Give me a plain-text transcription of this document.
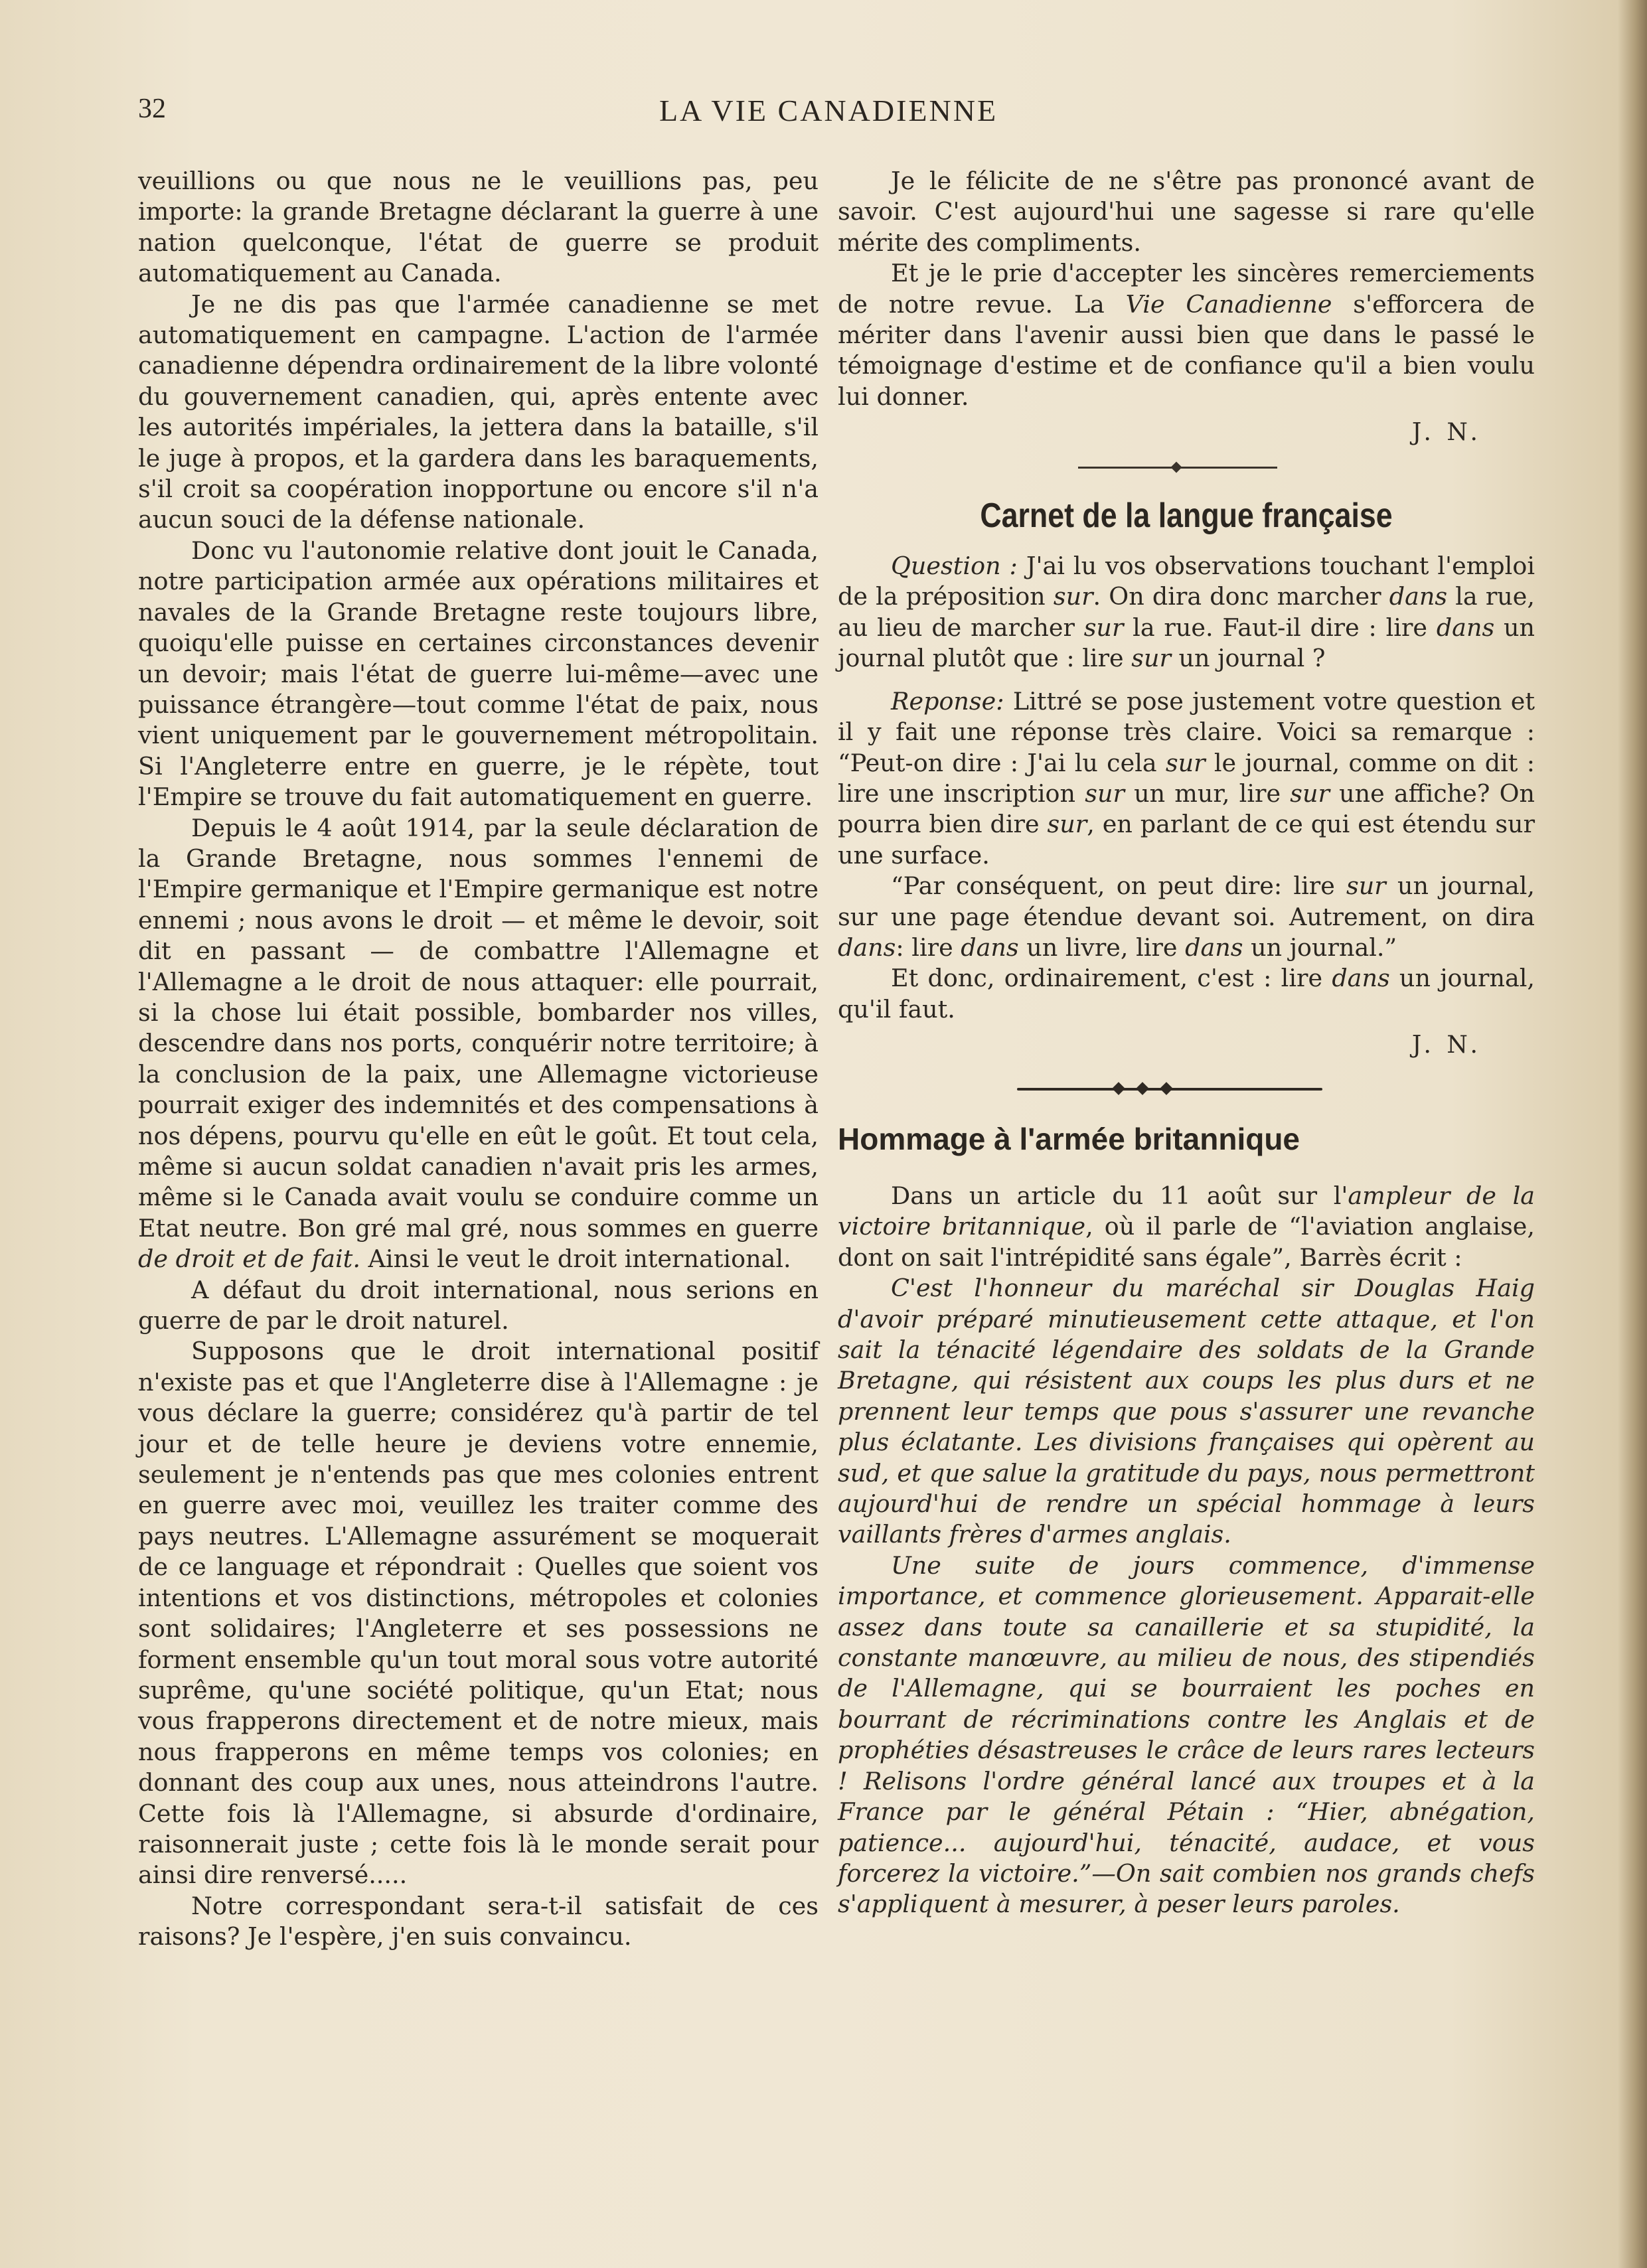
32	LA VIE CANADIENNE

veuillions ou que nous ne le veuillions pas, peu importe: la grande Bretagne déclarant la guerre à une nation quelconque, l'état de guerre se produit automatiquement au Canada.

Je ne dis pas que l'armée canadienne se met automatiquement en campagne. L'action de l'armée canadienne dépendra ordinairement de la libre volonté du gouvernement canadien, qui, après entente avec les autorités impériales, la jettera dans la bataille, s'il le juge à propos, et la gardera dans les baraquements, s'il croit sa coopération inopportune ou encore s'il n'a aucun souci de la défense nationale.

Donc vu l'autonomie relative dont jouit le Canada, notre participation armée aux opérations militaires et navales de la Grande Bretagne reste toujours libre, quoiqu'elle puisse en certaines circonstances devenir un devoir; mais l'état de guerre lui-même—avec une puissance étrangère—tout comme l'état de paix, nous vient uniquement par le gouvernement métropolitain. Si l'Angleterre entre en guerre, je le répète, tout l'Empire se trouve du fait automatiquement en guerre.

Depuis le 4 août 1914, par la seule déclaration de la Grande Bretagne, nous sommes l'ennemi de l'Empire germanique et l'Empire germanique est notre ennemi ; nous avons le droit — et même le devoir, soit dit en passant — de combattre l'Allemagne et l'Allemagne a le droit de nous attaquer: elle pourrait, si la chose lui était possible, bombarder nos villes, descendre dans nos ports, conquérir notre territoire; à la conclusion de la paix, une Allemagne victorieuse pourrait exiger des indemnités et des compensations à nos dépens, pourvu qu'elle en eût le goût. Et tout cela, même si aucun soldat canadien n'avait pris les armes, même si le Canada avait voulu se conduire comme un Etat neutre. Bon gré mal gré, nous sommes en guerre de droit et de fait. Ainsi le veut le droit international.

A défaut du droit international, nous serions en guerre de par le droit naturel.

Supposons que le droit international positif n'existe pas et que l'Angleterre dise à l'Allemagne : je vous déclare la guerre; considérez qu'à partir de tel jour et de telle heure je deviens votre ennemie, seulement je n'entends pas que mes colonies entrent en guerre avec moi, veuillez les traiter comme des pays neutres. L'Allemagne assurément se moquerait de ce language et répondrait : Quelles que soient vos intentions et vos distinctions, métropoles et colonies sont solidaires; l'Angleterre et ses possessions ne forment ensemble qu'un tout moral sous votre autorité suprême, qu'une société politique, qu'un Etat; nous vous frapperons directement et de notre mieux, mais nous frapperons en même temps vos colonies; en donnant des coup aux unes, nous atteindrons l'autre. Cette fois là l'Allemagne, si absurde d'ordinaire, raisonnerait juste ; cette fois là le monde serait pour ainsi dire renversé.....

Notre correspondant sera-t-il satisfait de ces raisons? Je l'espère, j'en suis convaincu.

Je le félicite de ne s'être pas prononcé avant de savoir. C'est aujourd'hui une sagesse si rare qu'elle mérite des compliments.

Et je le prie d'accepter les sincères remerciements de notre revue. La Vie Canadienne s'efforcera de mériter dans l'avenir aussi bien que dans le passé le témoignage d'estime et de confiance qu'il a bien voulu lui donner.

J. N.
Carnet de la langue française

Question : J'ai lu vos observations touchant l'emploi de la préposition sur. On dira donc marcher dans la rue, au lieu de marcher sur la rue. Faut-il dire : lire dans un journal plutôt que : lire sur un journal ?

Reponse: Littré se pose justement votre question et il y fait une réponse très claire. Voici sa remarque : “Peut-on dire : J'ai lu cela sur le journal, comme on dit : lire une inscription sur un mur, lire sur une affiche? On pourra bien dire sur, en parlant de ce qui est étendu sur une surface.

“Par conséquent, on peut dire: lire sur un journal, sur une page étendue devant soi. Autrement, on dira dans: lire dans un livre, lire dans un journal.”

Et donc, ordinairement, c'est : lire dans un journal, qu'il faut.

J. N.
Hommage à l'armée britannique

Dans un article du 11 août sur l'ampleur de la victoire britannique, où il parle de “l'aviation anglaise, dont on sait l'intrépidité sans égale”, Barrès écrit :

C'est l'honneur du maréchal sir Douglas Haig d'avoir préparé minutieusement cette attaque, et l'on sait la ténacité légendaire des soldats de la Grande Bretagne, qui résistent aux coups les plus durs et ne prennent leur temps que pous s'assurer une revanche plus éclatante. Les divisions françaises qui opèrent au sud, et que salue la gratitude du pays, nous permettront aujourd'hui de rendre un spécial hommage à leurs vaillants frères d'armes anglais.

Une suite de jours commence, d'immense importance, et commence glorieusement. Apparait-elle assez dans toute sa canaillerie et sa stupidité, la constante manœuvre, au milieu de nous, des stipendiés de l'Allemagne, qui se bourraient les poches en bourrant de récriminations contre les Anglais et de prophéties désastreuses le crâce de leurs rares lecteurs ! Relisons l'ordre général lancé aux troupes et à la France par le général Pétain : “Hier, abnégation, patience... aujourd'hui, ténacité, audace, et vous forcerez la victoire.”—On sait combien nos grands chefs s'appliquent à mesurer, à peser leurs paroles.
